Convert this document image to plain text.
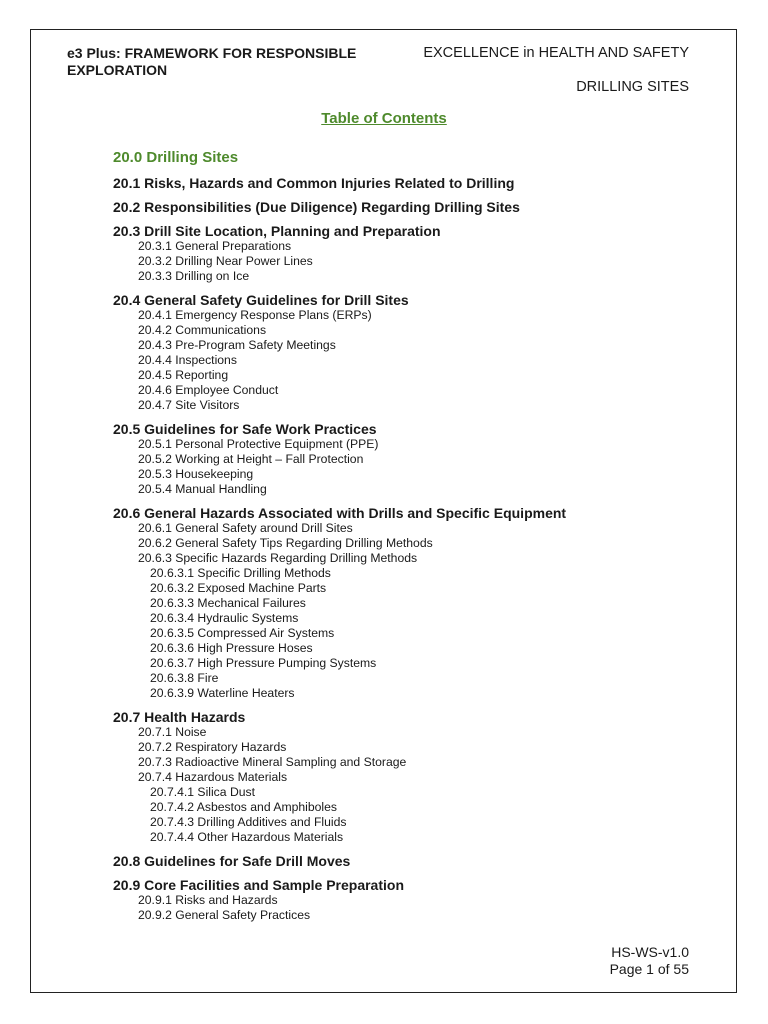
e3 Plus: FRAMEWORK FOR RESPONSIBLE EXPLORATION
EXCELLENCE in HEALTH AND SAFETY
DRILLING SITES
Table of Contents
20.0 Drilling Sites
20.1 Risks, Hazards and Common Injuries Related to Drilling
20.2 Responsibilities (Due Diligence) Regarding Drilling Sites
20.3 Drill Site Location, Planning and Preparation
20.3.1 General Preparations
20.3.2 Drilling Near Power Lines
20.3.3 Drilling on Ice
20.4 General Safety Guidelines for Drill Sites
20.4.1 Emergency Response Plans (ERPs)
20.4.2 Communications
20.4.3 Pre-Program Safety Meetings
20.4.4 Inspections
20.4.5 Reporting
20.4.6 Employee Conduct
20.4.7 Site Visitors
20.5 Guidelines for Safe Work Practices
20.5.1 Personal Protective Equipment (PPE)
20.5.2 Working at Height – Fall Protection
20.5.3 Housekeeping
20.5.4 Manual Handling
20.6 General Hazards Associated with Drills and Specific Equipment
20.6.1 General Safety around Drill Sites
20.6.2 General Safety Tips Regarding Drilling Methods
20.6.3 Specific Hazards Regarding Drilling Methods
20.6.3.1 Specific Drilling Methods
20.6.3.2 Exposed Machine Parts
20.6.3.3 Mechanical Failures
20.6.3.4 Hydraulic Systems
20.6.3.5 Compressed Air Systems
20.6.3.6 High Pressure Hoses
20.6.3.7 High Pressure Pumping Systems
20.6.3.8 Fire
20.6.3.9 Waterline Heaters
20.7 Health Hazards
20.7.1 Noise
20.7.2 Respiratory Hazards
20.7.3 Radioactive Mineral Sampling and Storage
20.7.4 Hazardous Materials
20.7.4.1 Silica Dust
20.7.4.2 Asbestos and Amphiboles
20.7.4.3 Drilling Additives and Fluids
20.7.4.4 Other Hazardous Materials
20.8 Guidelines for Safe Drill Moves
20.9 Core Facilities and Sample Preparation
20.9.1 Risks and Hazards
20.9.2 General Safety Practices
HS-WS-v1.0
Page 1 of 55
